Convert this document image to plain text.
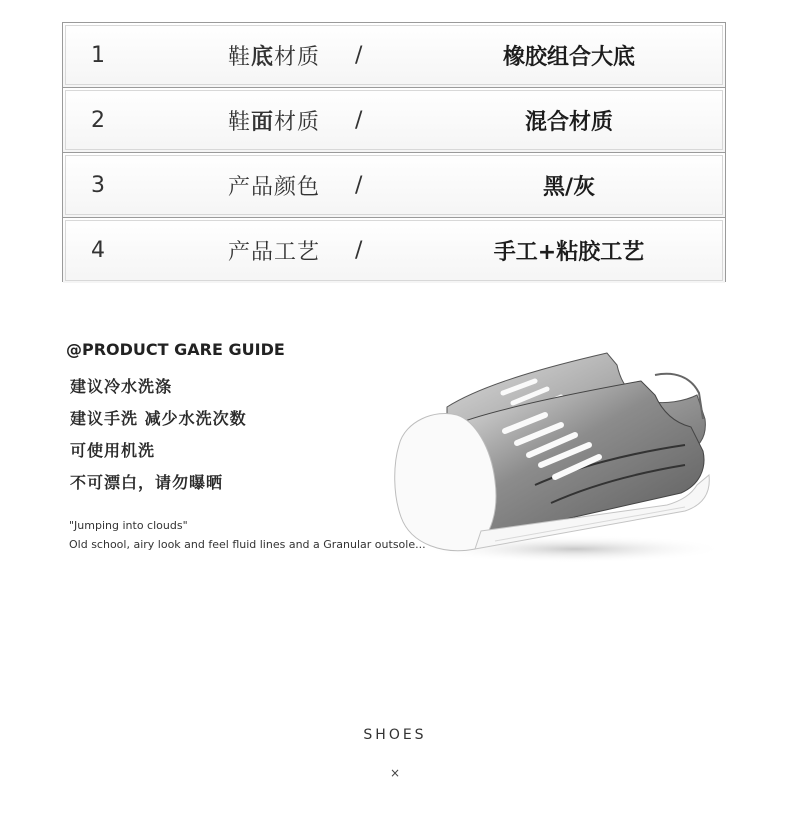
1	鞋 底 材质 /	橡胶组合大底
2	鞋 面 材质 /	混合材质
3	产品颜色 /	黑/灰
4	产品工艺 /	手工+粘胶工艺
@PRODUCT GARE GUIDE
建议冷水洗涤
建议手洗 减少水洗次数
可使用机洗
不可漂白，请勿曝晒
"Jumping into clouds"
Old school, airy look and feel fluid lines and a Granular outsole...
SHOES
×
